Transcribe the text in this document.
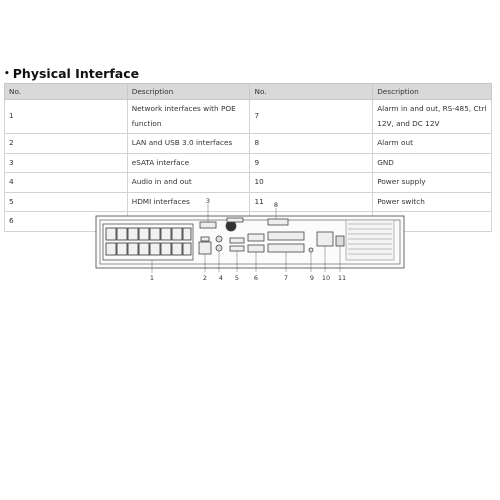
• Physical Interface
No.	Description	No.	Description
1	Network interfaces with POE function	7	Alarm in and out, RS-485, Ctrl 12V, and DC 12V
2	LAN and USB 3.0 interfaces	8	Alarm out
3	eSATA interface	9	GND
4	Audio in and out	10	Power supply
5	HDMI interfaces	11	Power switch
6			
1	2
3
4 5 6	7
8
9 10 11
